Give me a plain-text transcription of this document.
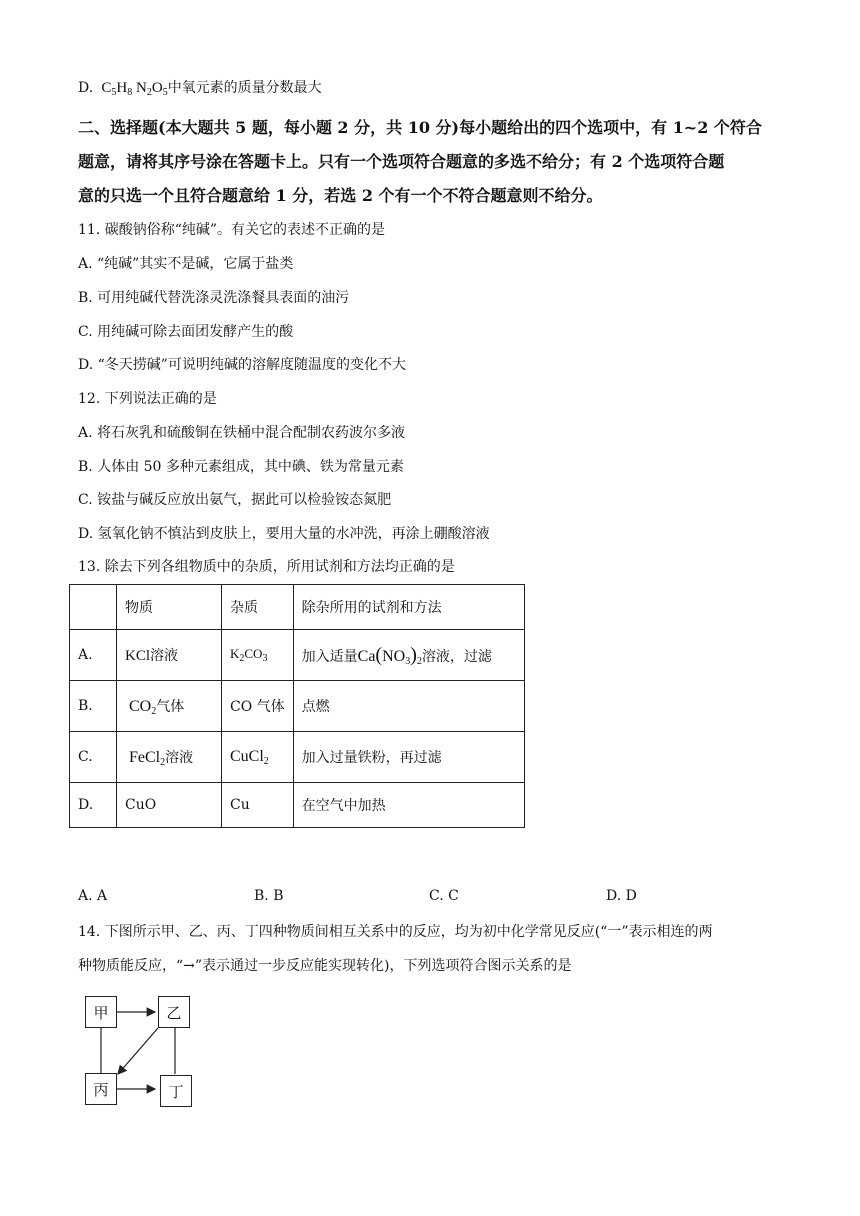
D.  $C_5H_8$ $N_2O_5$中氧元素的质量分数最大
二、选择题(本大题共 5 题，每小题 2 分，共 10 分)每小题给出的四个选项中，有 1~2 个符合
题意，请将其序号涂在答题卡上。只有一个选项符合题意的多选不给分；有 2 个选项符合题
意的只选一个且符合题意给 1 分，若选 2 个有一个不符合题意则不给分。
11. 碳酸钠俗称“纯碱”。有关它的表述不正确的是
A. “纯碱”其实不是碱，它属于盐类
B. 可用纯碱代替洗涤灵洗涤餐具表面的油污
C. 用纯碱可除去面团发酵产生的酸
D. “冬天捞碱”可说明纯碱的溶解度随温度的变化不大
12. 下列说法正确的是
A. 将石灰乳和硫酸铜在铁桶中混合配制农药波尔多液
B. 人体由 50 多种元素组成，其中碘、铁为常量元素
C. 铵盐与碱反应放出氨气，据此可以检验铵态氮肥
D. 氢氧化钠不慎沾到皮肤上，要用大量的水冲洗，再涂上硼酸溶液
13. 除去下列各组物质中的杂质，所用试剂和方法均正确的是
	物质	杂质	除杂所用的试剂和方法
A.	KCl溶液	$K_2CO_3$	加入适量$Ca(NO_3)_2$溶液，过滤
B.	$CO_2$气体	CO 气体	点燃
C.	FeCl$_2$溶液	CuCl$_2$	加入过量铁粉，再过滤
D.	CuO	Cu	在空气中加热
A. A	B. B	C. C	D. D
14. 下图所示甲、乙、丙、丁四种物质间相互关系中的反应，均为初中化学常见反应(“一”表示相连的两
种物质能反应，“→”表示通过一步反应能实现转化)，下列选项符合图示关系的是
甲	乙
丙	丁
